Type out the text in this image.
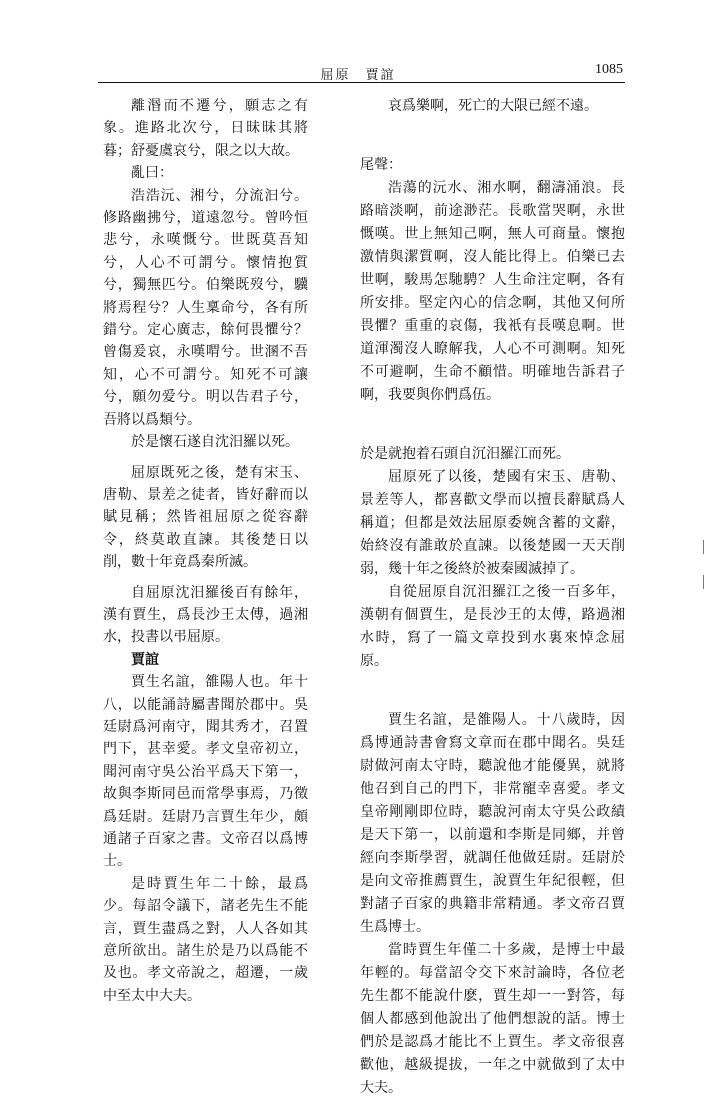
屈原　賈誼	1085

離湣而不遷兮，願志之有象。進路北次兮，日昧昧其將暮；舒憂虞哀兮，限之以大故。

亂曰：

浩浩沅、湘兮，分流汩兮。修路幽拂兮，道遠忽兮。曾吟恒悲兮，永嘆慨兮。世既莫吾知兮，人心不可謂兮。懷情抱質兮，獨無匹兮。伯樂既歿兮，驥將焉程兮？人生稟命兮，各有所錯兮。定心廣志，餘何畏懼兮？曾傷爰哀，永嘆喟兮。世溷不吾知，心不可謂兮。知死不可讓兮，願勿爱兮。明以告君子兮，吾將以爲類兮。

於是懷石遂自沈汨羅以死。

屈原既死之後，楚有宋玉、唐勒、景差之徒者，皆好辭而以賦見稱；然皆祖屈原之從容辭令，終莫敢直諫。其後楚日以削，數十年竟爲秦所滅。

自屈原沈汨羅後百有餘年，漢有賈生，爲長沙王太傅，過湘水，投書以弔屈原。

賈誼

賈生名誼，雒陽人也。年十八，以能誦詩屬書聞於郡中。吳廷尉爲河南守，聞其秀才，召置門下，甚幸愛。孝文皇帝初立，聞河南守吳公治平爲天下第一，故與李斯同邑而常學事焉，乃徵爲廷尉。廷尉乃言賈生年少，頗通諸子百家之書。文帝召以爲博士。

是時賈生年二十餘，最爲少。每詔令議下，諸老先生不能言，賈生盡爲之對，人人各如其意所欲出。諸生於是乃以爲能不及也。孝文帝說之，超遷，一歲中至太中大夫。

哀爲樂啊，死亡的大限已經不遠。

尾聲：

浩蕩的沅水、湘水啊，翻濤涌浪。長路暗淡啊，前途渺茫。長歌當哭啊，永世慨嘆。世上無知己啊，無人可商量。懷抱激情與潔質啊，沒人能比得上。伯樂已去世啊，駿馬怎馳騁？人生命注定啊，各有所安排。堅定內心的信念啊，其他又何所畏懼？重重的哀傷，我衹有長嘆息啊。世道渾濁沒人瞭解我，人心不可測啊。知死不可避啊，生命不顧惜。明確地告訴君子啊，我要與你們爲伍。

於是就抱着石頭自沉汨羅江而死。

屈原死了以後，楚國有宋玉、唐勒、景差等人，都喜歡文學而以擅長辭賦爲人稱道；但都是效法屈原委婉含蓄的文辭，始終沒有誰敢於直諫。以後楚國一天天削弱，幾十年之後終於被秦國滅掉了。

自從屈原自沉汨羅江之後一百多年，漢朝有個賈生，是長沙王的太傅，路過湘水時，寫了一篇文章投到水裏來悼念屈原。

賈生名誼，是雒陽人。十八歲時，因爲博通詩書會寫文章而在郡中聞名。吳廷尉做河南太守時，聽說他才能優異，就將他召到自己的門下，非常寵幸喜愛。孝文皇帝剛剛即位時，聽說河南太守吳公政績是天下第一，以前還和李斯是同鄉，并曾經向李斯學習，就調任他做廷尉。廷尉於是向文帝推薦賈生，說賈生年紀很輕，但對諸子百家的典籍非常精通。孝文帝召賈生爲博士。

當時賈生年僅二十多歲，是博士中最年輕的。每當詔令交下來討論時，各位老先生都不能說什麽，賈生却一一對答，每個人都感到他說出了他們想說的話。博士們於是認爲才能比不上賈生。孝文帝很喜歡他，越級提拔，一年之中就做到了太中大夫。
